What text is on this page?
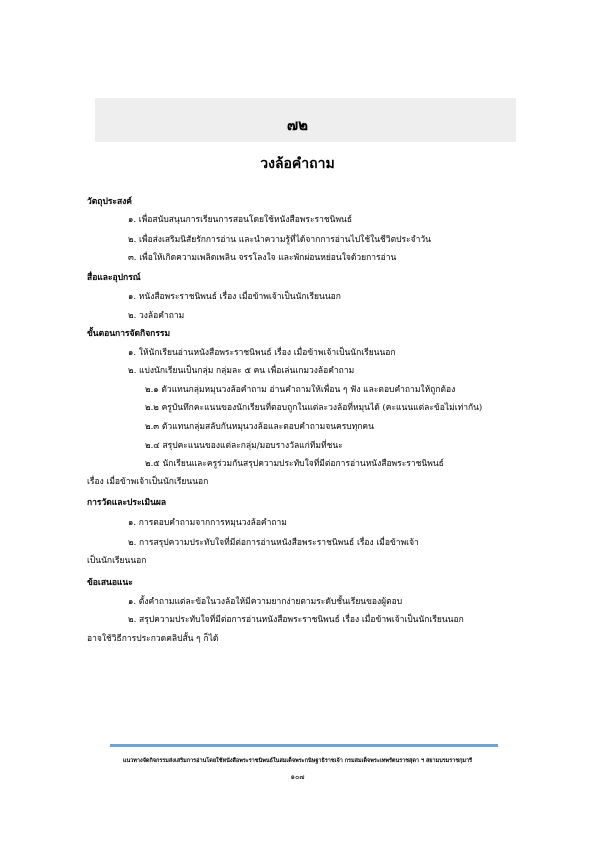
๗๒
วงล้อคำถาม
วัตถุประสงค์
๑. เพื่อสนับสนุนการเรียนการสอนโดยใช้หนังสือพระราชนิพนธ์
๒. เพื่อส่งเสริมนิสัยรักการอ่าน และนำความรู้ที่ได้จากการอ่านไปใช้ในชีวิตประจำวัน
๓. เพื่อให้เกิดความเพลิดเพลิน จรรโลงใจ และพักผ่อนหย่อนใจด้วยการอ่าน
สื่อและอุปกรณ์
๑. หนังสือพระราชนิพนธ์ เรื่อง เมื่อข้าพเจ้าเป็นนักเรียนนอก
๒. วงล้อคำถาม
ขั้นตอนการจัดกิจกรรม
๑. ให้นักเรียนอ่านหนังสือพระราชนิพนธ์ เรื่อง เมื่อข้าพเจ้าเป็นนักเรียนนอก
๒. แบ่งนักเรียนเป็นกลุ่ม กลุ่มละ ๕ คน เพื่อเล่นเกมวงล้อคำถาม
๒.๑ ตัวแทนกลุ่มหมุนวงล้อคำถาม อ่านคำถามให้เพื่อน ๆ ฟัง และตอบคำถามให้ถูกต้อง
๒.๒ ครูบันทึกคะแนนของนักเรียนที่ตอบถูกในแต่ละวงล้อที่หมุนได้ (คะแนนแต่ละข้อไม่เท่ากัน)
๒.๓ ตัวแทนกลุ่มสลับกันหมุนวงล้อและตอบคำถามจนครบทุกคน
๒.๔ สรุปคะแนนของแต่ละกลุ่ม/มอบรางวัลแก่ทีมที่ชนะ
๒.๕ นักเรียนและครูร่วมกันสรุปความประทับใจที่มีต่อการอ่านหนังสือพระราชนิพนธ์
เรื่อง เมื่อข้าพเจ้าเป็นนักเรียนนอก
การวัดและประเมินผล
๑. การตอบคำถามจากการหมุนวงล้อคำถาม
๒. การสรุปความประทับใจที่มีต่อการอ่านหนังสือพระราชนิพนธ์ เรื่อง เมื่อข้าพเจ้า
เป็นนักเรียนนอก
ข้อเสนอแนะ
๑. ตั้งคำถามแต่ละข้อในวงล้อให้มีความยากง่ายตามระดับชั้นเรียนของผู้ตอบ
๒. สรุปความประทับใจที่มีต่อการอ่านหนังสือพระราชนิพนธ์ เรื่อง เมื่อข้าพเจ้าเป็นนักเรียนนอก
อาจใช้วิธีการประกวดคลิปสั้น ๆ ก็ได้
แนวทางจัดกิจกรรมส่งเสริมการอ่านโดยใช้หนังสือพระราชนิพนธ์ในสมเด็จพระกนิษฐาธิราชเจ้า กรมสมเด็จพระเทพรัตนราชสุดา ฯ สยามบรมราชกุมารี
๑๐๗
